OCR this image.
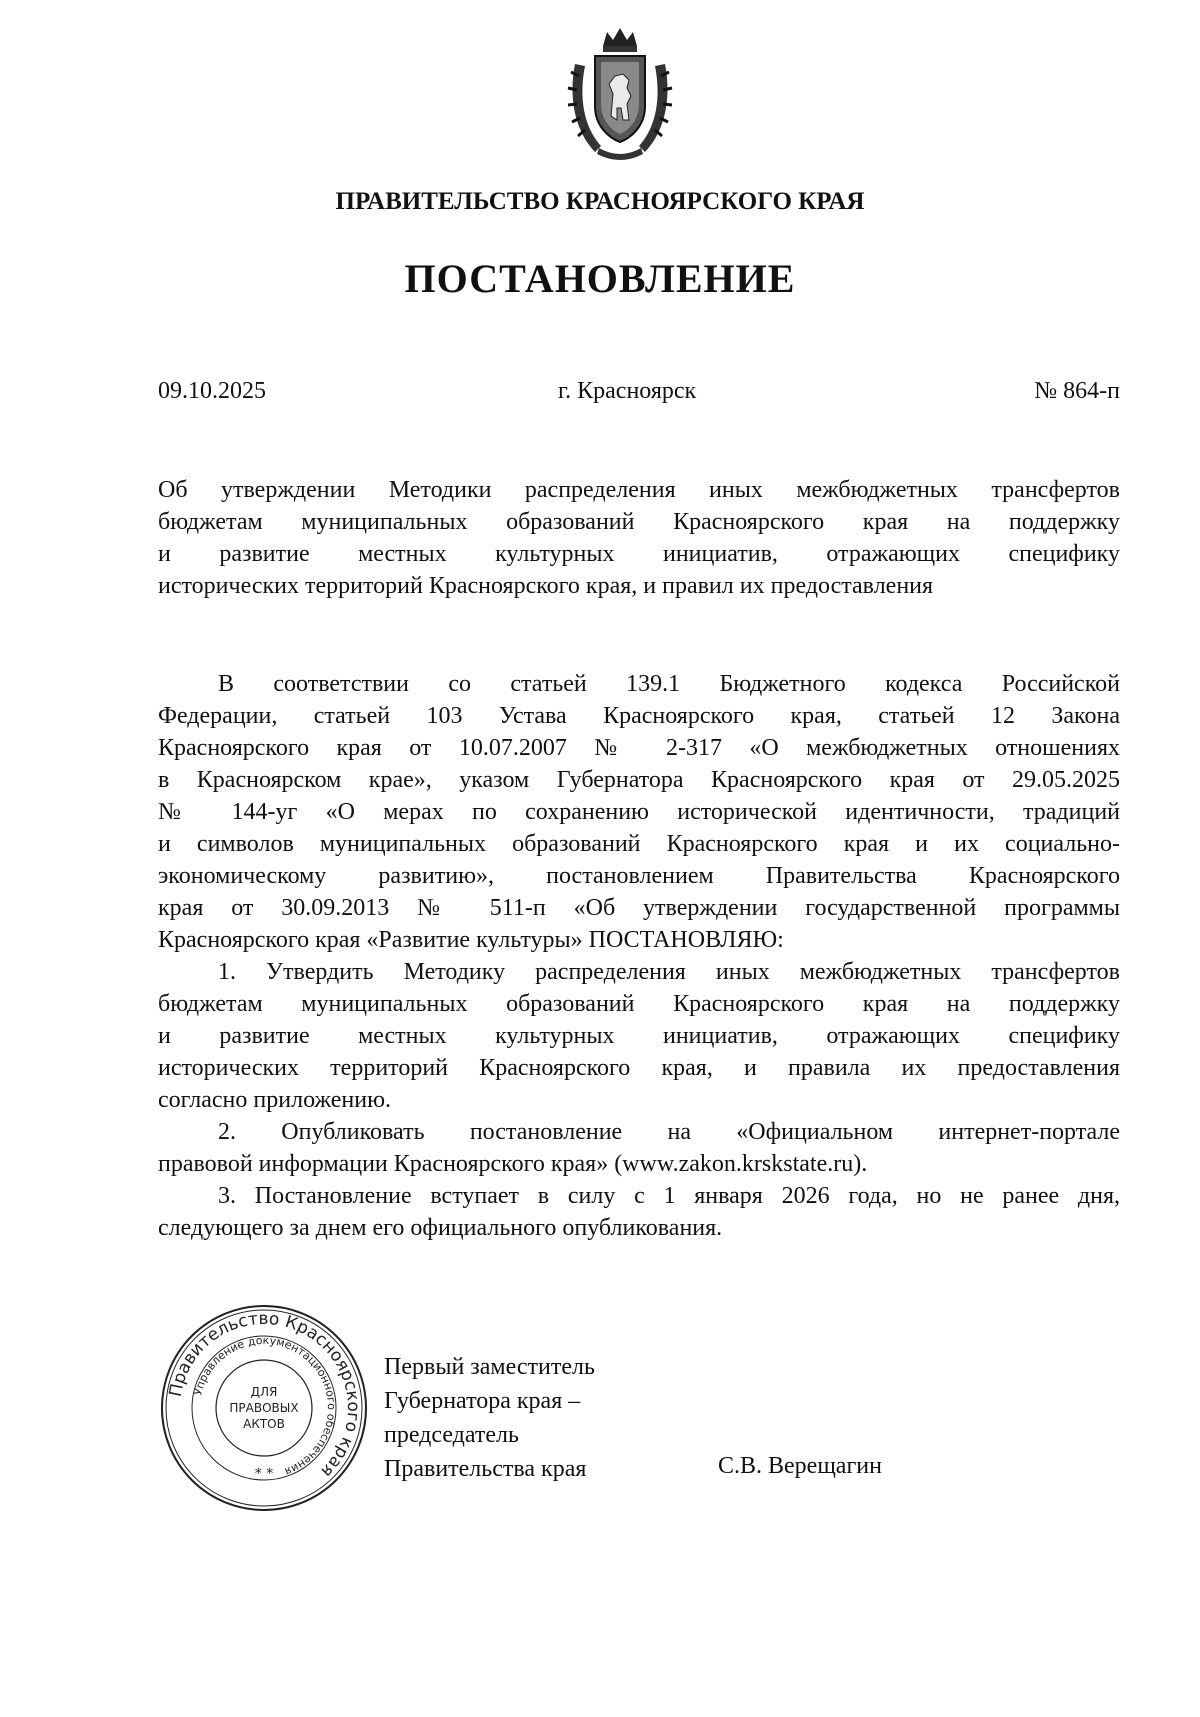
ПРАВИТЕЛЬСТВО КРАСНОЯРСКОГО КРАЯ
ПОСТАНОВЛЕНИЕ
09.10.2025	г. Красноярск	№ 864-п
Об утверждении Методики распределения иных межбюджетных трансфертов
бюджетам муниципальных образований Красноярского края на поддержку
и развитие местных культурных инициатив, отражающих специфику
исторических территорий Красноярского края, и правил их предоставления
В соответствии со статьей 139.1 Бюджетного кодекса Российской
Федерации, статьей 103 Устава Красноярского края, статьей 12 Закона
Красноярского края от 10.07.2007 № 2-317 «О межбюджетных отношениях
в Красноярском крае», указом Губернатора Красноярского края от 29.05.2025
№ 144-уг «О мерах по сохранению исторической идентичности, традиций
и символов муниципальных образований Красноярского края и их социально-
экономическому развитию», постановлением Правительства Красноярского
края от 30.09.2013 № 511-п «Об утверждении государственной программы
Красноярского края «Развитие культуры» ПОСТАНОВЛЯЮ:
1. Утвердить Методику распределения иных межбюджетных трансфертов
бюджетам муниципальных образований Красноярского края на поддержку
и развитие местных культурных инициатив, отражающих специфику
исторических территорий Красноярского края, и правила их предоставления
согласно приложению.
2. Опубликовать постановление на «Официальном интернет-портале
правовой информации Красноярского края» (www.zakon.krskstate.ru).
3. Постановление вступает в силу с 1 января 2026 года, но не ранее дня,
следующего за днем его официального опубликования.
Правительство Красноярского края
Управление документационного обеспечения
ДЛЯ
ПРАВОВЫХ
АКТОВ
* *
Первый заместитель
Губернатора края –
председатель
Правительства края	С.В. Верещагин
